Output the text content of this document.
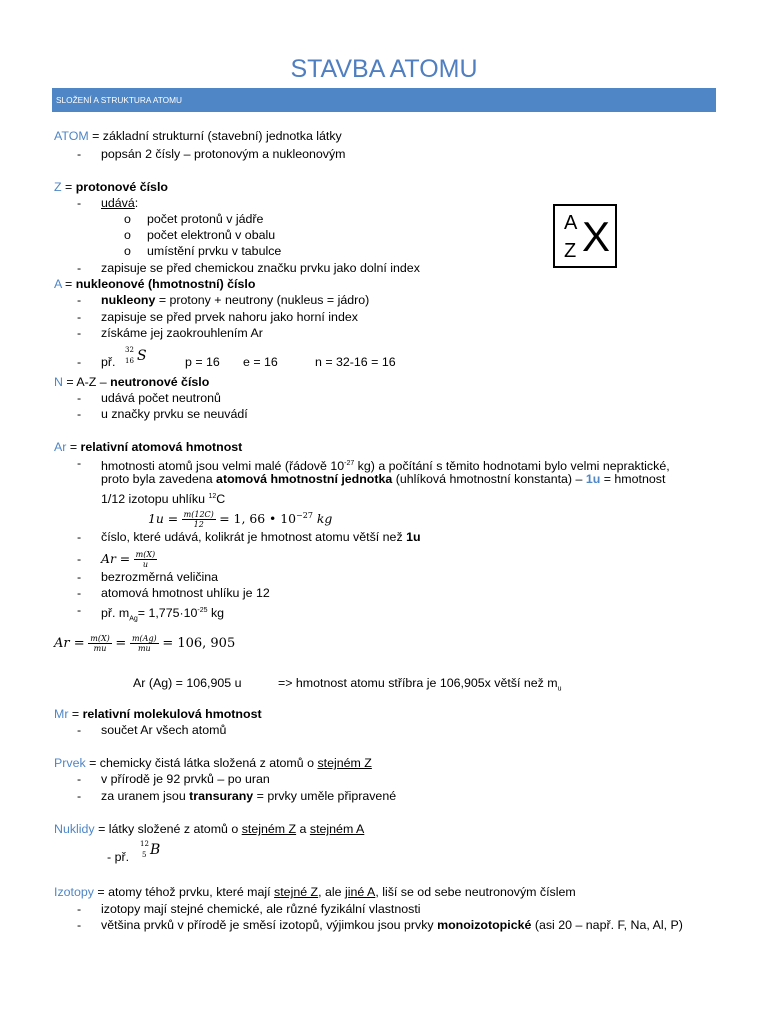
STAVBA ATOMU
SLOŽENÍ A STRUKTURA ATOMU
ATOM = základní strukturní (stavební) jednotka látky
- popsán 2 čísly – protonovým a nukleonovým
Z = protonové číslo
- udává:
o počet protonů v jádře
o počet elektronů v obalu
o umístění prvku v tabulce
- zapisuje se před chemickou značku prvku jako dolní index
A
Z X
A = nukleonové (hmotnostní) číslo
- nukleony = protony + neutrony (nukleus = jádro)
- zapisuje se před prvek nahoru jako horní index
- získáme jej zaokrouhlením Ar
- př.
32
16 S	p = 16 e = 16	n = 32-16 = 16
N = A-Z – neutronové číslo
- udává počet neutronů
- u značky prvku se neuvádí
Ar = relativní atomová hmotnost
- hmotnosti atomů jsou velmi malé (řádově $10^{-27}$ kg) a počítání s těmito hodnotami bylo velmi nepraktické,
proto byla zavedena atomová hmotnostní jednotka (uhlíková hmotnostní konstanta) – 1u = hmotnost
1/12 izotopu uhlíku $^{12}$C
$1u = \frac{m(12C)}{12} = 1$, 66 • $10^{-27}$ kg
- číslo, které udává, kolikrát je hmotnost atomu větší než 1u
- $Ar = \frac{m(X)}{u}$
- bezrozměrná veličina
- atomová hmotnost uhlíku je 12
- př. $m_{Ag}= 1,775\cdot 10^{-25}$ kg
$Ar = \frac{m(X)}{mu} = \frac{m(Ag)}{mu} = 106$, 905
Ar (Ag) = 106,905 u	=> hmotnost atomu stříbra je 106,905x větší než $m_u$
Mr = relativní molekulová hmotnost
- součet Ar všech atomů
Prvek = chemicky čistá látka složená z atomů o stejném Z
- v přírodě je 92 prvků – po uran
- za uranem jsou transurany = prvky uměle připravené
Nuklidy = látky složené z atomů o stejném Z a stejném A
- př.
12
5 B
Izotopy = atomy téhož prvku, které mají stejné Z, ale jiné A, liší se od sebe neutronovým číslem
- izotopy mají stejné chemické, ale různé fyzikální vlastnosti
- většina prvků v přírodě je směsí izotopů, výjimkou jsou prvky monoizotopické (asi 20 – např. F, Na, Al, P)
